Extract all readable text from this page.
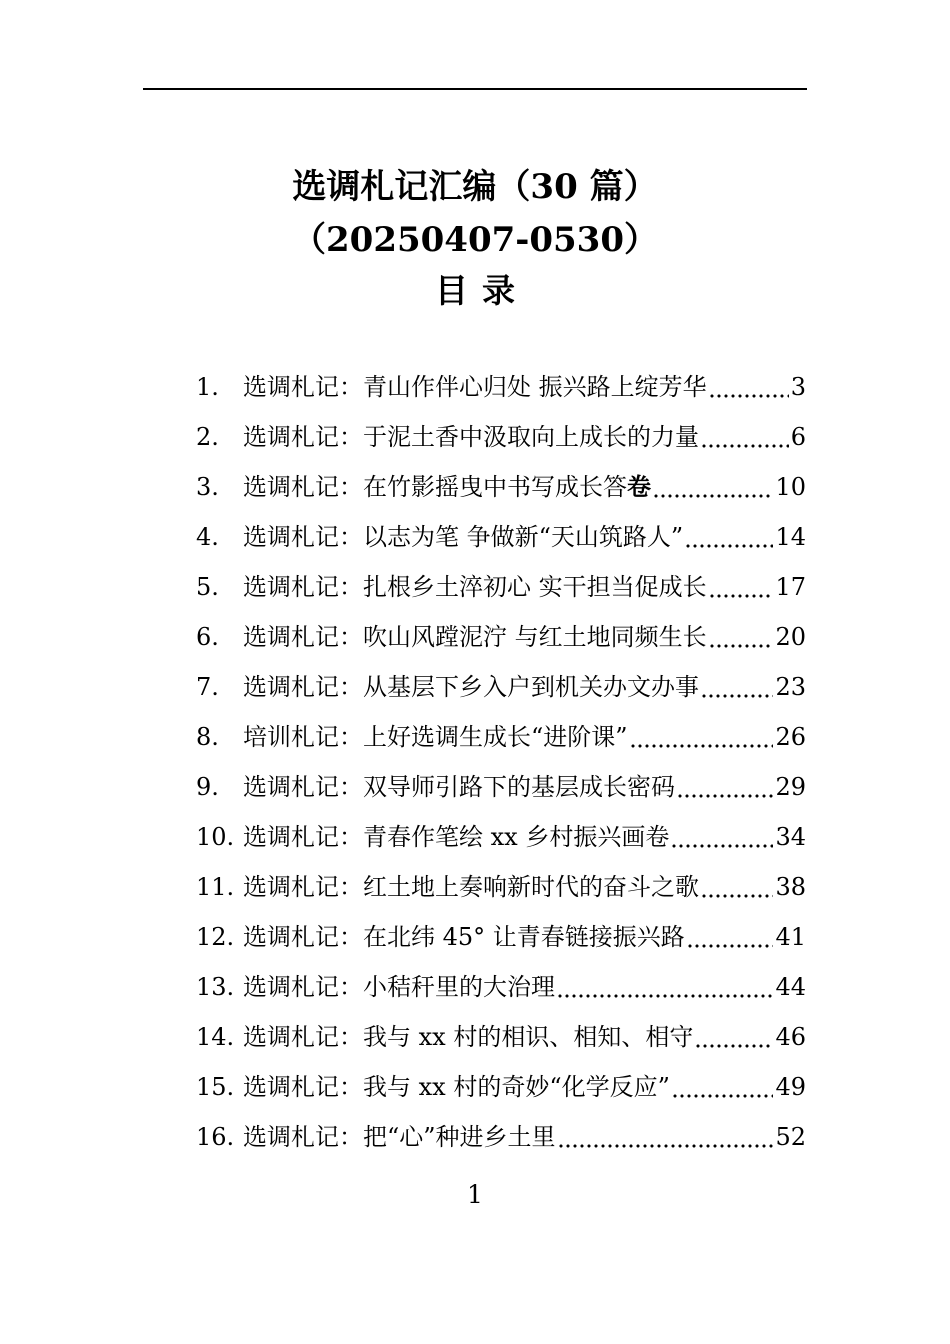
选调札记汇编（30 篇）
（20250407-0530）
目录
1.	选调札记：青山作伴心归处 振兴路上绽芳华	3
2.	选调札记：于泥土香中汲取向上成长的力量	6
3.	选调札记：在竹影摇曳中书写成长答卷	10
4.	选调札记：以志为笔 争做新“天山筑路人”	14
5.	选调札记：扎根乡土淬初心 实干担当促成长	17
6.	选调札记：吹山风蹚泥泞 与红土地同频生长	20
7.	选调札记：从基层下乡入户到机关办文办事	23
8.	培训札记：上好选调生成长“进阶课”	26
9.	选调札记：双导师引路下的基层成长密码	29
10. 选调札记：青春作笔绘 xx 乡村振兴画卷	34
11. 选调札记：红土地上奏响新时代的奋斗之歌	38
12. 选调札记：在北纬 45° 让青春链接振兴路	41
13. 选调札记：小秸秆里的大治理	44
14. 选调札记：我与 xx 村的相识、相知、相守	46
15. 选调札记：我与 xx 村的奇妙“化学反应”	49
16. 选调札记：把“心”种进乡土里	52
1
